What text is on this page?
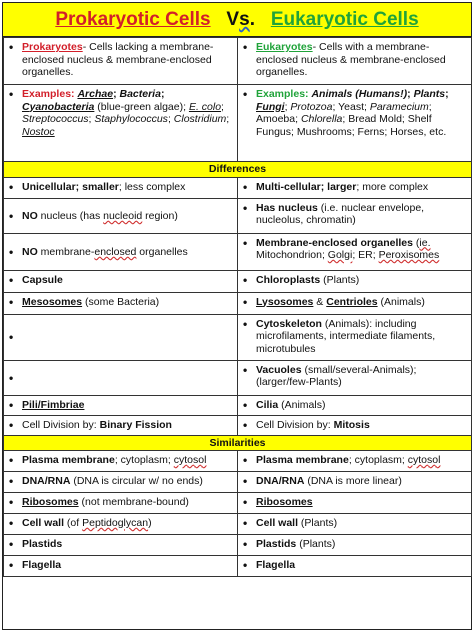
Prokaryotic Cells Vs. Eukaryotic Cells
• Prokaryotes- Cells lacking a membrane-enclosed nucleus & membrane-enclosed organelles.	• Eukaryotes- Cells with a membrane-enclosed nucleus & membrane-enclosed organelles.

• Examples: Archae; Bacteria; Cyanobacteria (blue-green algae); E. colo; Streptococcus; Staphylococcus; Clostridium; Nostoc	• Examples: Animals (Humans!); Plants; Fungi; Protozoa; Yeast; Paramecium; Amoeba; Chlorella; Bread Mold; Shelf Fungus; Mushrooms; Ferns; Horses, etc.

Differences	

• Unicellular; smaller; less complex	• Multi-cellular; larger; more complex

• NO nucleus (has nucleoid region)	• Has nucleus (i.e. nuclear envelope, nucleolus, chromatin)

• NO membrane-enclosed organelles	• Membrane-enclosed organelles (ie. Mitochondrion; Golgi; ER; Peroxisomes

• Capsule	• Chloroplasts (Plants)

• Mesosomes (some Bacteria)	• Lysosomes & Centrioles (Animals)

•	• Cytoskeleton (Animals): including microfilaments, intermediate filaments, microtubules

•	• Vacuoles (small/several-Animals); (larger/few-Plants)

• Pili/Fimbriae	• Cilia (Animals)

• Cell Division by: Binary Fission	• Cell Division by: Mitosis

Similarities	

• Plasma membrane; cytoplasm; cytosol	• Plasma membrane; cytoplasm; cytosol

• DNA/RNA (DNA is circular w/ no ends)	• DNA/RNA (DNA is more linear)

• Ribosomes (not membrane-bound)	• Ribosomes

• Cell wall (of Peptidoglycan)	• Cell wall (Plants)

• Plastids	• Plastids (Plants)

• Flagella	• Flagella
